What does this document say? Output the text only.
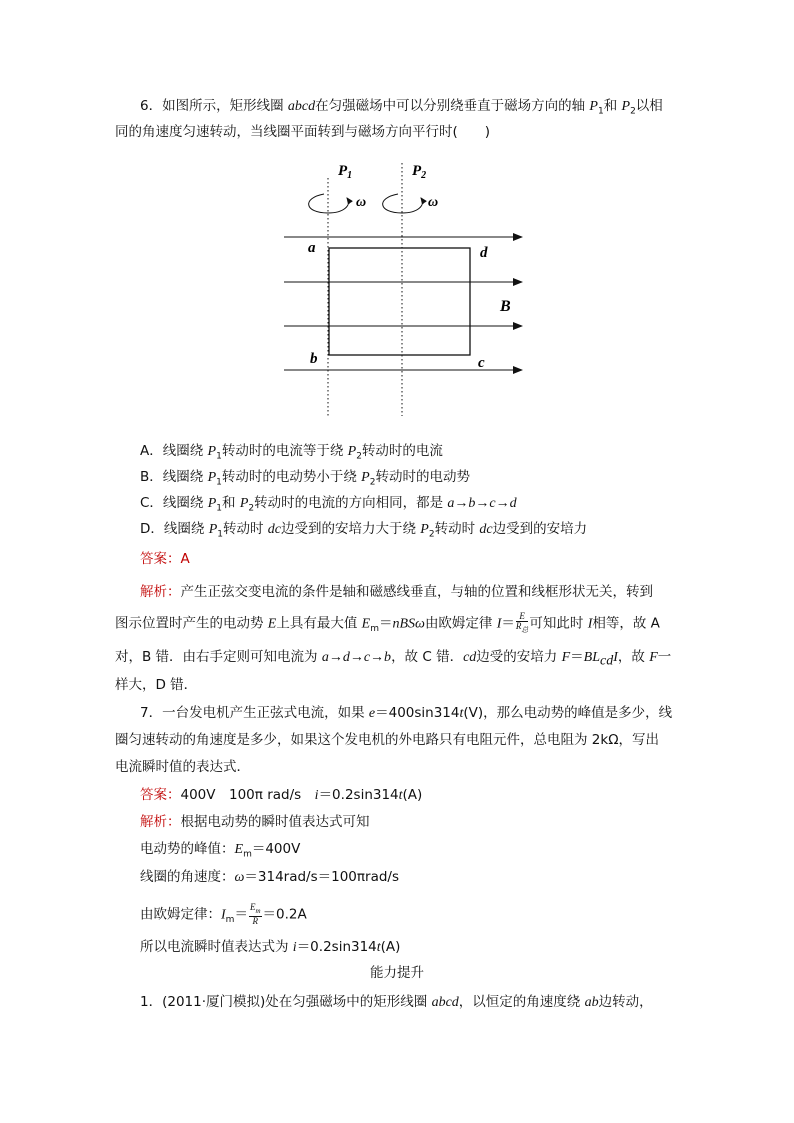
6．如图所示，矩形线圈 abcd在匀强磁场中可以分别绕垂直于磁场方向的轴 $P_1$和 $P_2$以相
同的角速度匀速转动，当线圈平面转到与磁场方向平行时(　　)
$P_1$	$P_2$
ω	ω
a	d
B
b	c
A．线圈绕 $P_1$转动时的电流等于绕 $P_2$转动时的电流
B．线圈绕 $P_1$转动时的电动势小于绕 $P_2$转动时的电动势
C．线圈绕 $P_1$和 $P_2$转动时的电流的方向相同，都是 a→b→c→d
D．线圈绕 $P_1$转动时 dc边受到的安培力大于绕 $P_2$转动时 dc边受到的安培力
答案：A
解析：产生正弦交变电流的条件是轴和磁感线垂直，与轴的位置和线框形状无关，转到
图示位置时产生的电动势 E上具有最大值 $E_m=nBS\omega$由欧姆定律 $I= \frac{E}{R_总}$ 可知此时 I相等，故 A
对，B 错．由右手定则可知电流为 a→d→c→b，故 C 错．cd边受的安培力 $F=BL_{cd}I$，故 F一
样大，D 错．
7．一台发电机产生正弦式电流，如果 e＝400sin314t(V)，那么电动势的峰值是多少，线
圈匀速转动的角速度是多少，如果这个发电机的外电路只有电阻元件，总电阻为 2kΩ，写出
电流瞬时值的表达式．
答案：400V　100π rad/s　i＝0.2sin314t(A)
解析：根据电动势的瞬时值表达式可知
电动势的峰值：$E_m=400V$
线圈的角速度：ω＝314rad/s＝100πrad/s
由欧姆定律：$I_m= \frac{E_m}{R} =0.2A$
所以电流瞬时值表达式为 i＝0.2sin314t(A)
能力提升
1．(2011·厦门模拟)处在匀强磁场中的矩形线圈 abcd，以恒定的角速度绕 ab边转动，
